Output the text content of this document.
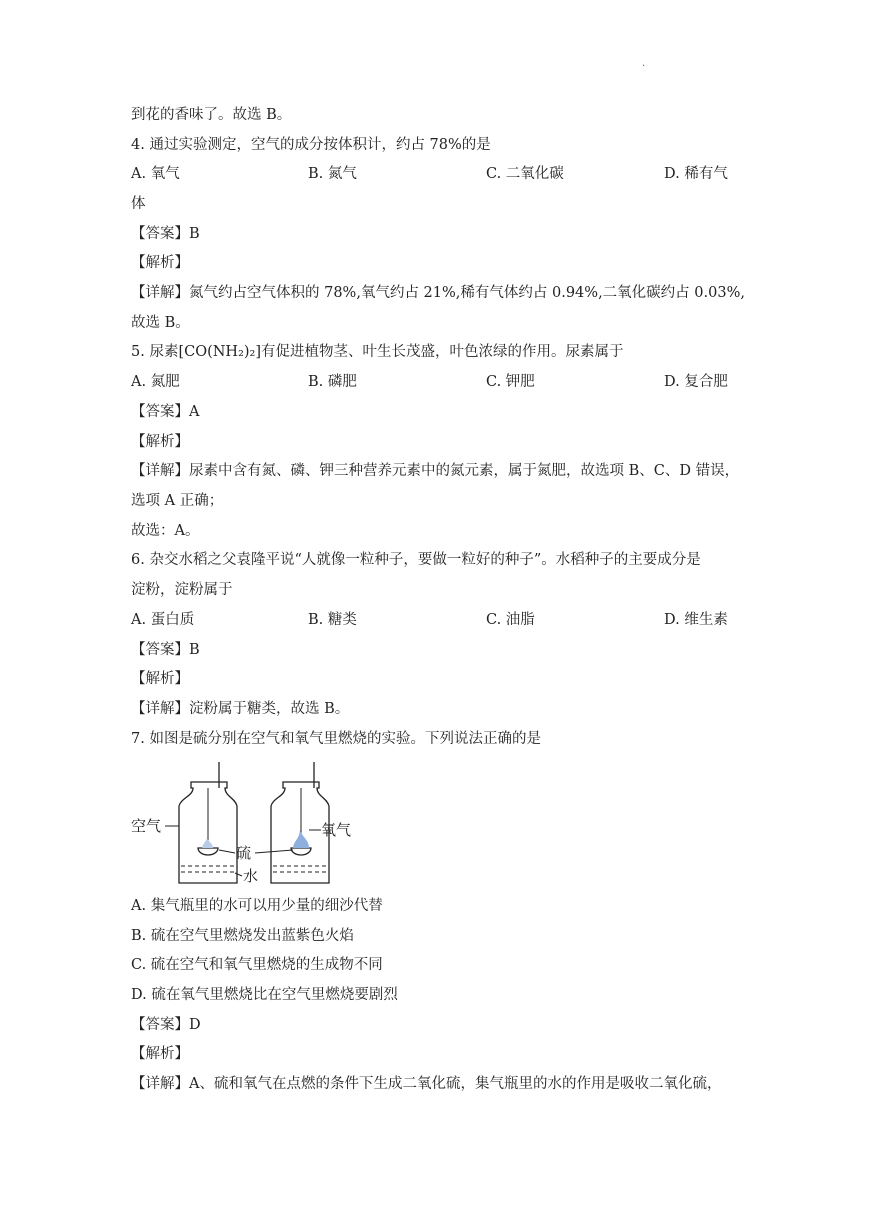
.
到花的香味了。故选 B。
4. 通过实验测定，空气的成分按体积计，约占 78%的是
A. 氧气	B. 氮气	C. 二氧化碳	D. 稀有气
体
【答案】B
【解析】
【详解】氮气约占空气体积的 78%,氧气约占 21%,稀有气体约占 0.94%,二氧化碳约占 0.03%,
故选 B。
5. 尿素[CO(NH₂)₂]有促进植物茎、叶生长茂盛，叶色浓绿的作用。尿素属于
A. 氮肥	B. 磷肥	C. 钾肥	D. 复合肥
【答案】A
【解析】
【详解】尿素中含有氮、磷、钾三种营养元素中的氮元素，属于氮肥，故选项 B、C、D 错误，
选项 A 正确；
故选：A。
6. 杂交水稻之父袁隆平说“人就像一粒种子，要做一粒好的种子”。水稻种子的主要成分是
淀粉，淀粉属于
A. 蛋白质	B. 糖类	C. 油脂	D. 维生素
【答案】B
【解析】
【详解】淀粉属于糖类，故选 B。
7. 如图是硫分别在空气和氧气里燃烧的实验。下列说法正确的是
空气
硫
氧气
水
A. 集气瓶里的水可以用少量的细沙代替
B. 硫在空气里燃烧发出蓝紫色火焰
C. 硫在空气和氧气里燃烧的生成物不同
D. 硫在氧气里燃烧比在空气里燃烧要剧烈
【答案】D
【解析】
【详解】A、硫和氧气在点燃的条件下生成二氧化硫，集气瓶里的水的作用是吸收二氧化硫，
